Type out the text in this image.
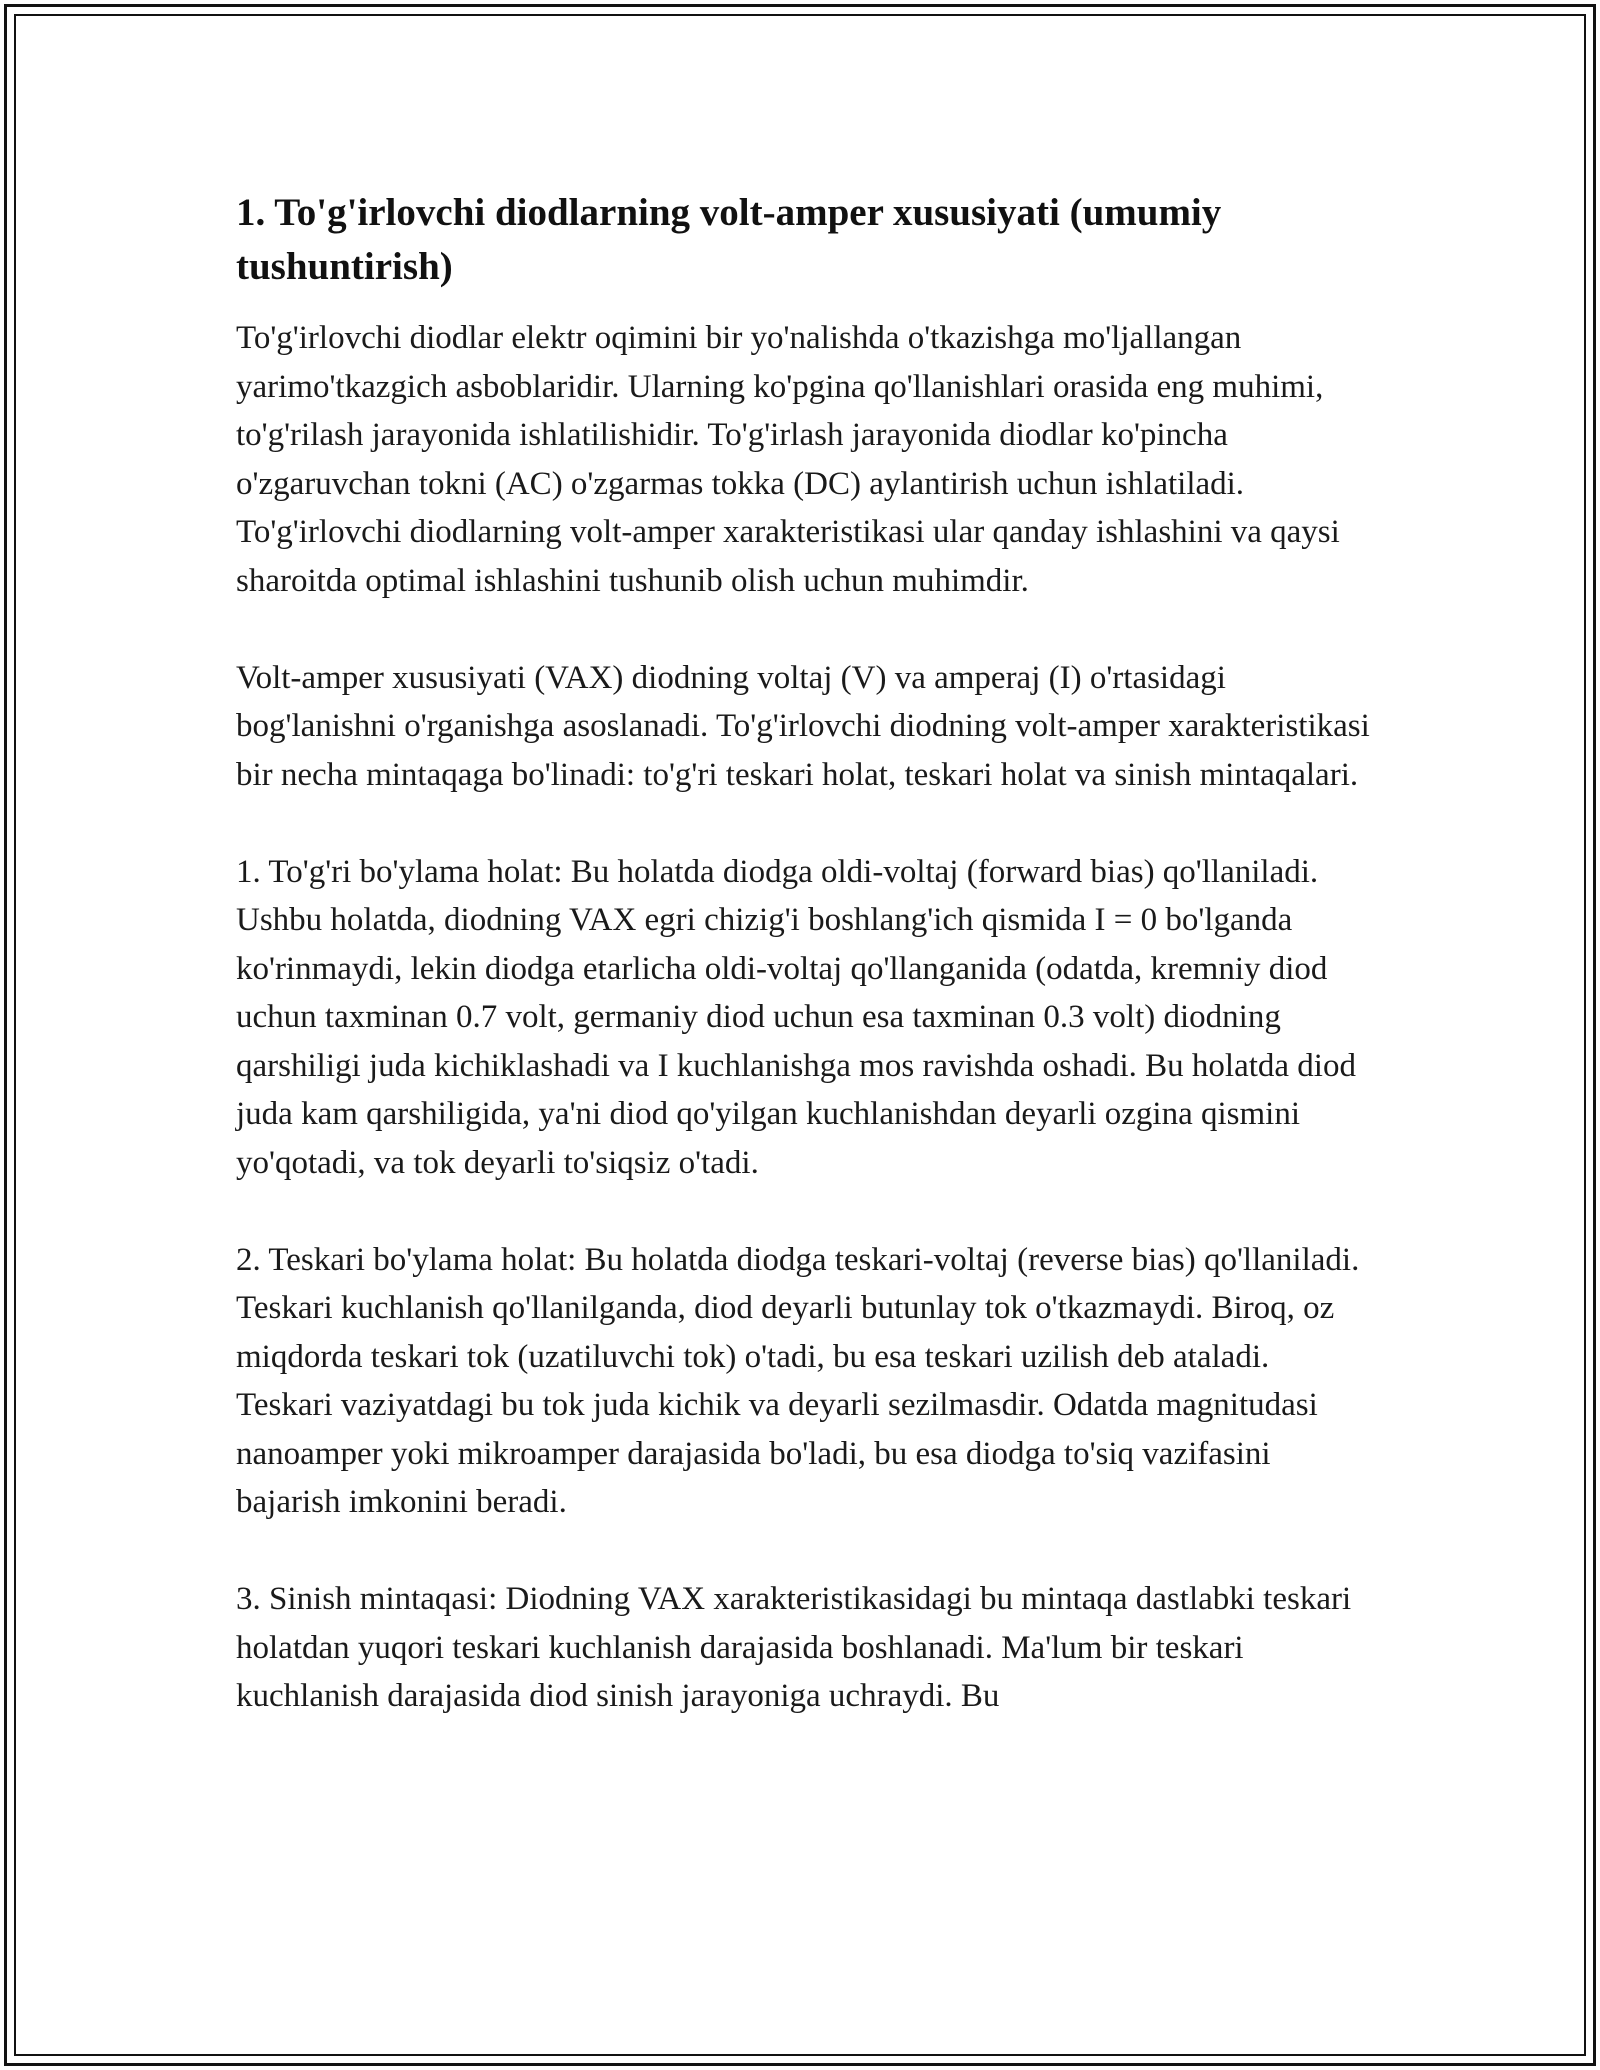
1. To'g'irlovchi diodlarning volt-amper xususiyati (umumiy tushuntirish)

To'g'irlovchi diodlar elektr oqimini bir yo'nalishda o'tkazishga mo'ljallangan yarimo'tkazgich asboblaridir. Ularning ko'pgina qo'llanishlari orasida eng muhimi, to'g'rilash jarayonida ishlatilishidir. To'g'irlash jarayonida diodlar ko'pincha o'zgaruvchan tokni (AC) o'zgarmas tokka (DC) aylantirish uchun ishlatiladi. To'g'irlovchi diodlarning volt-amper xarakteristikasi ular qanday ishlashini va qaysi sharoitda optimal ishlashini tushunib olish uchun muhimdir.

Volt-amper xususiyati (VAX) diodning voltaj (V) va amperaj (I) o'rtasidagi bog'lanishni o'rganishga asoslanadi. To'g'irlovchi diodning volt-amper xarakteristikasi bir necha mintaqaga bo'linadi: to'g'ri teskari holat, teskari holat va sinish mintaqalari.

1. To'g'ri bo'ylama holat: Bu holatda diodga oldi-voltaj (forward bias) qo'llaniladi. Ushbu holatda, diodning VAX egri chizig'i boshlang'ich qismida I = 0 bo'lganda ko'rinmaydi, lekin diodga etarlicha oldi-voltaj qo'llanganida (odatda, kremniy diod uchun taxminan 0.7 volt, germaniy diod uchun esa taxminan 0.3 volt) diodning qarshiligi juda kichiklashadi va I kuchlanishga mos ravishda oshadi. Bu holatda diod juda kam qarshiligida, ya'ni diod qo'yilgan kuchlanishdan deyarli ozgina qismini yo'qotadi, va tok deyarli to'siqsiz o'tadi.

2. Teskari bo'ylama holat: Bu holatda diodga teskari-voltaj (reverse bias) qo'llaniladi. Teskari kuchlanish qo'llanilganda, diod deyarli butunlay tok o'tkazmaydi. Biroq, oz miqdorda teskari tok (uzatiluvchi tok) o'tadi, bu esa teskari uzilish deb ataladi. Teskari vaziyatdagi bu tok juda kichik va deyarli sezilmasdir. Odatda magnitudasi nanoamper yoki mikroamper darajasida bo'ladi, bu esa diodga to'siq vazifasini bajarish imkonini beradi.

3. Sinish mintaqasi: Diodning VAX xarakteristikasidagi bu mintaqa dastlabki teskari holatdan yuqori teskari kuchlanish darajasida boshlanadi. Ma'lum bir teskari kuchlanish darajasida diod sinish jarayoniga uchraydi. Bu
